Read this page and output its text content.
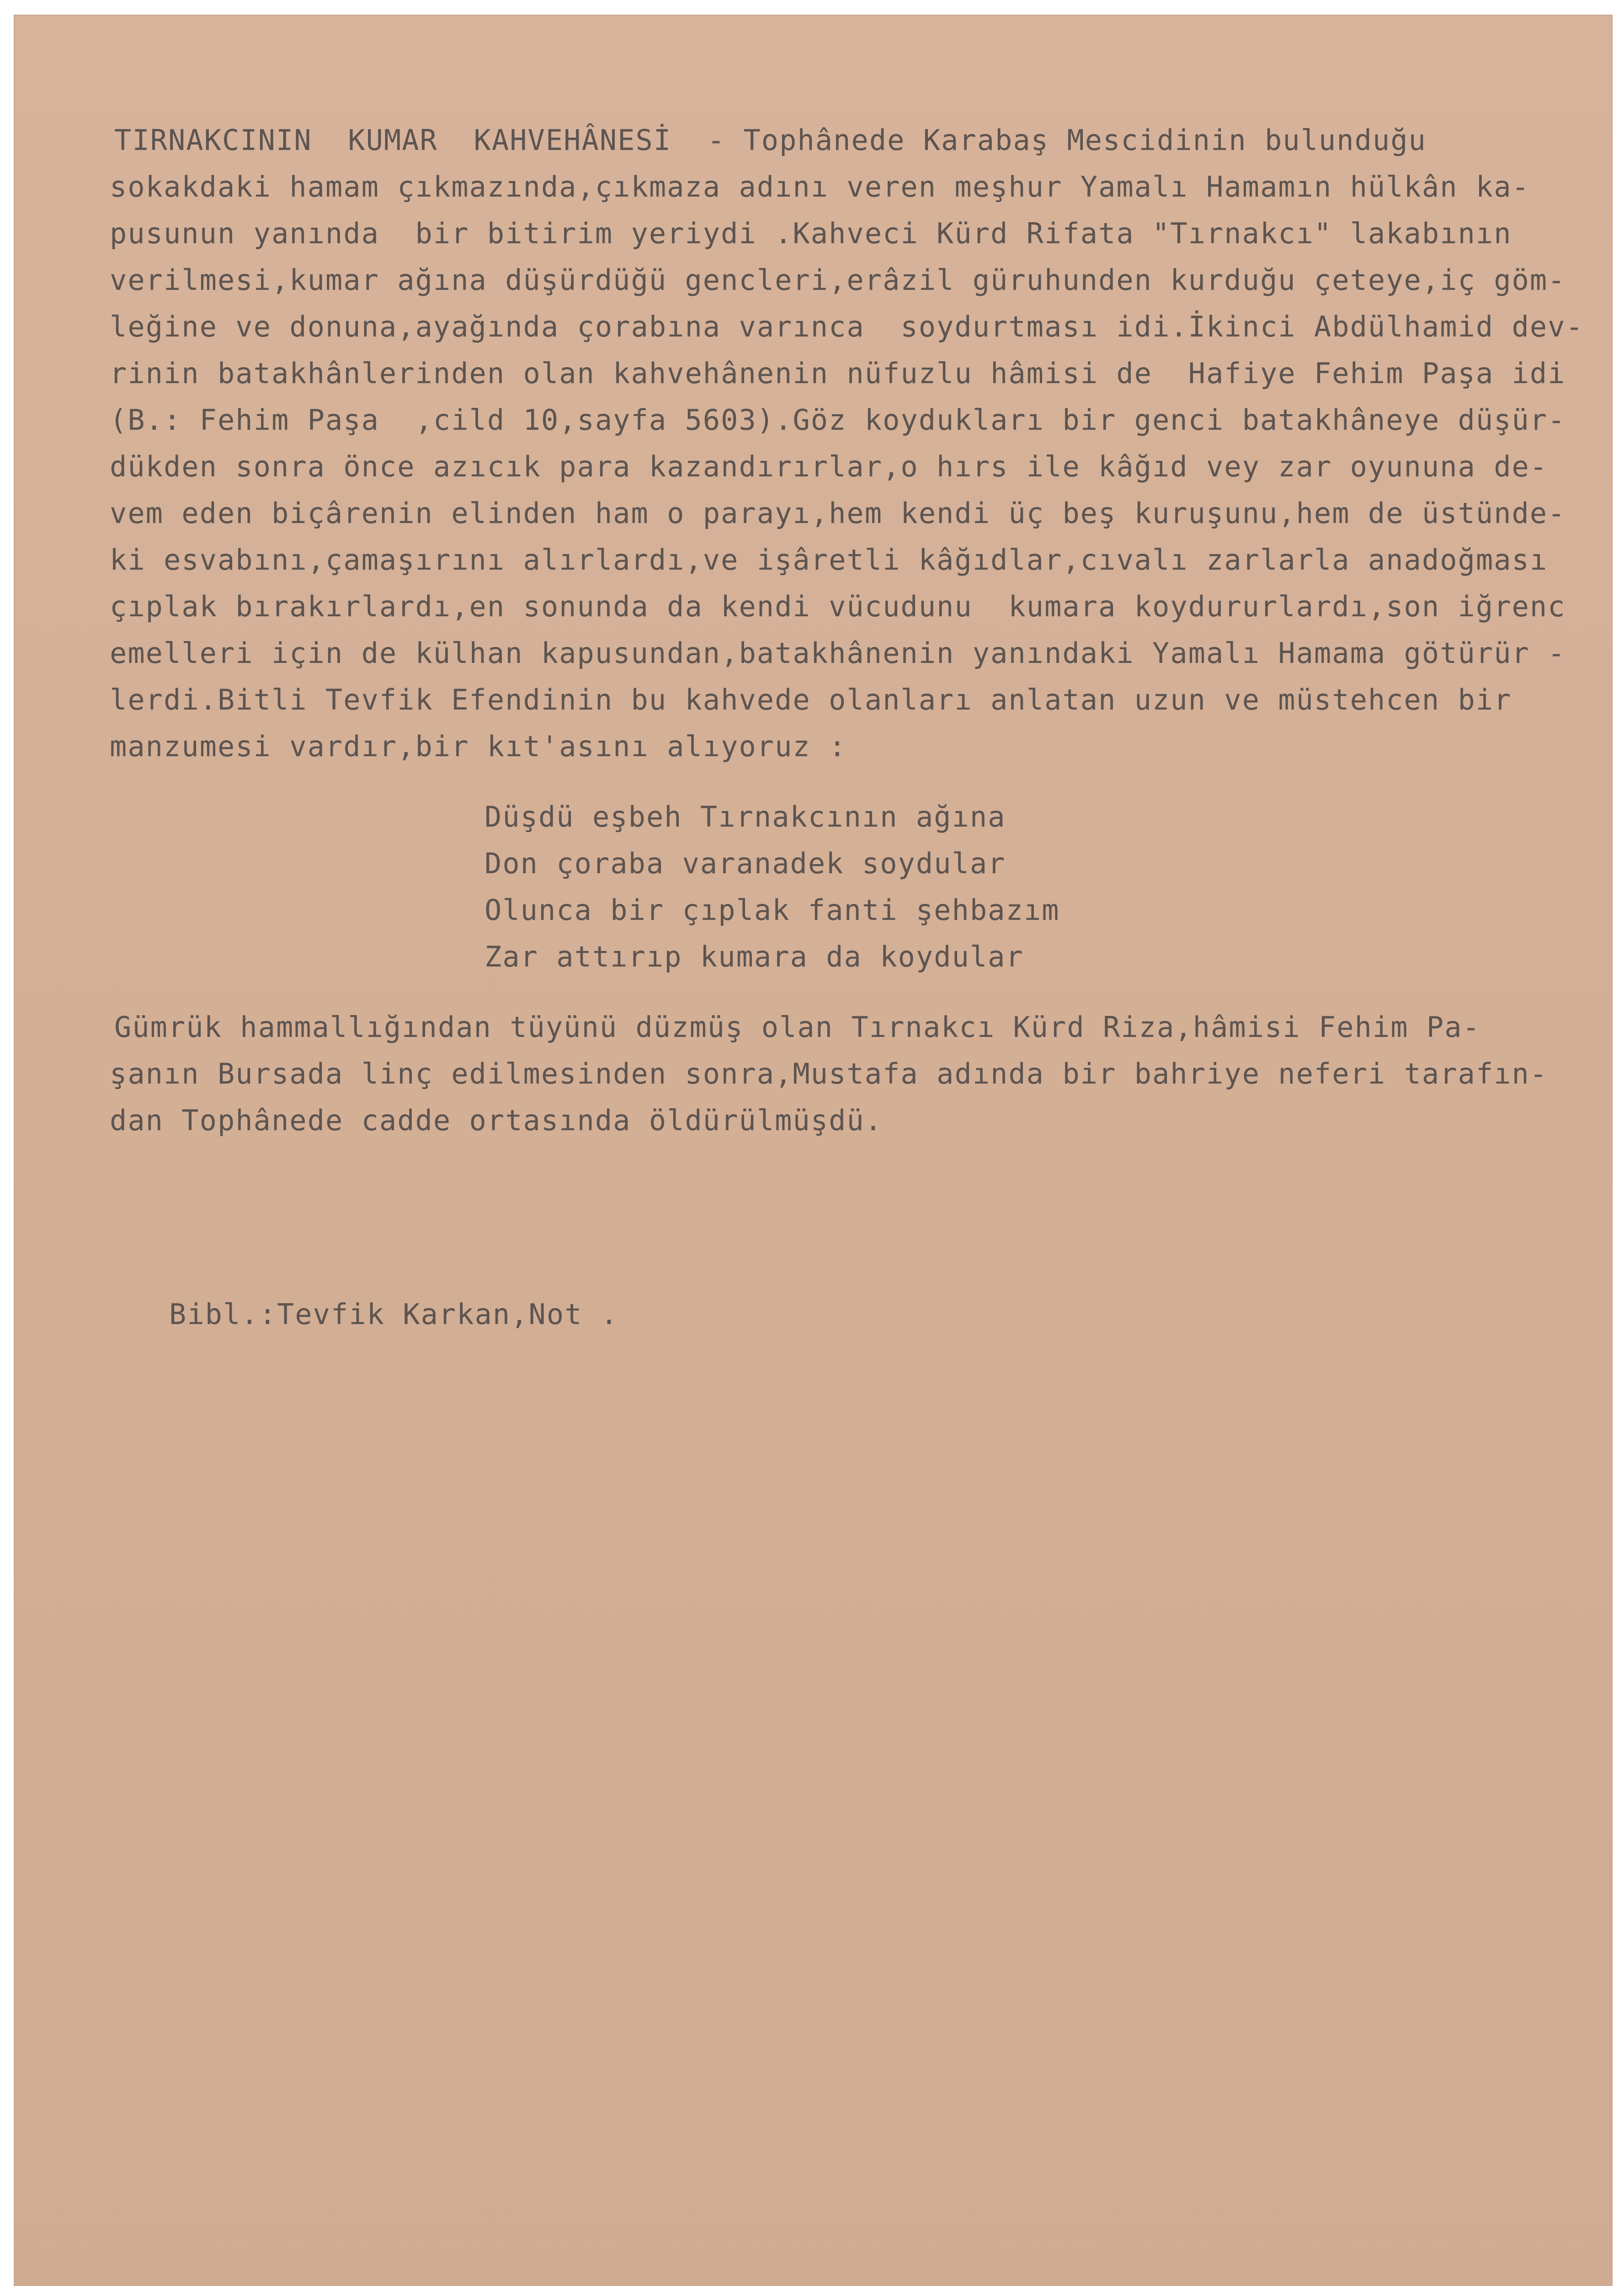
TIRNAKCININ  KUMAR  KAHVEHÂNESİ  - Tophânede Karabaş Mescidinin bulunduğu

sokakdaki hamam çıkmazında,çıkmaza adını veren meşhur Yamalı Hamamın hülkân ka-

pusunun yanında  bir bitirim yeriydi .Kahveci Kürd Rifata "Tırnakcı" lakabının

verilmesi,kumar ağına düşürdüğü gencleri,erâzil güruhunden kurduğu çeteye,iç göm-

leğine ve donuna,ayağında çorabına varınca  soydurtması idi.İkinci Abdülhamid dev-

rinin batakhânlerinden olan kahvehânenin nüfuzlu hâmisi de  Hafiye Fehim Paşa idi

(B.: Fehim Paşa  ,cild 10,sayfa 5603).Göz koydukları bir genci batakhâneye düşür-

dükden sonra önce azıcık para kazandırırlar,o hırs ile kâğıd vey zar oyununa de-

vem eden biçârenin elinden ham o parayı,hem kendi üç beş kuruşunu,hem de üstünde-

ki esvabını,çamaşırını alırlardı,ve işâretli kâğıdlar,cıvalı zarlarla anadoğması

çıplak bırakırlardı,en sonunda da kendi vücudunu  kumara koydururlardı,son iğrenc

emelleri için de külhan kapusundan,batakhânenin yanındaki Yamalı Hamama götürür -

lerdi.Bitli Tevfik Efendinin bu kahvede olanları anlatan uzun ve müstehcen bir

manzumesi vardır,bir kıt'asını alıyoruz :

Düşdü eşbeh Tırnakcının ağına

Don çoraba varanadek soydular

Olunca bir çıplak fanti şehbazım

Zar attırıp kumara da koydular

Gümrük hammallığından tüyünü düzmüş olan Tırnakcı Kürd Riza,hâmisi Fehim Pa-

şanın Bursada linç edilmesinden sonra,Mustafa adında bir bahriye neferi tarafın-

dan Tophânede cadde ortasında öldürülmüşdü.

Bibl.:Tevfik Karkan,Not .
